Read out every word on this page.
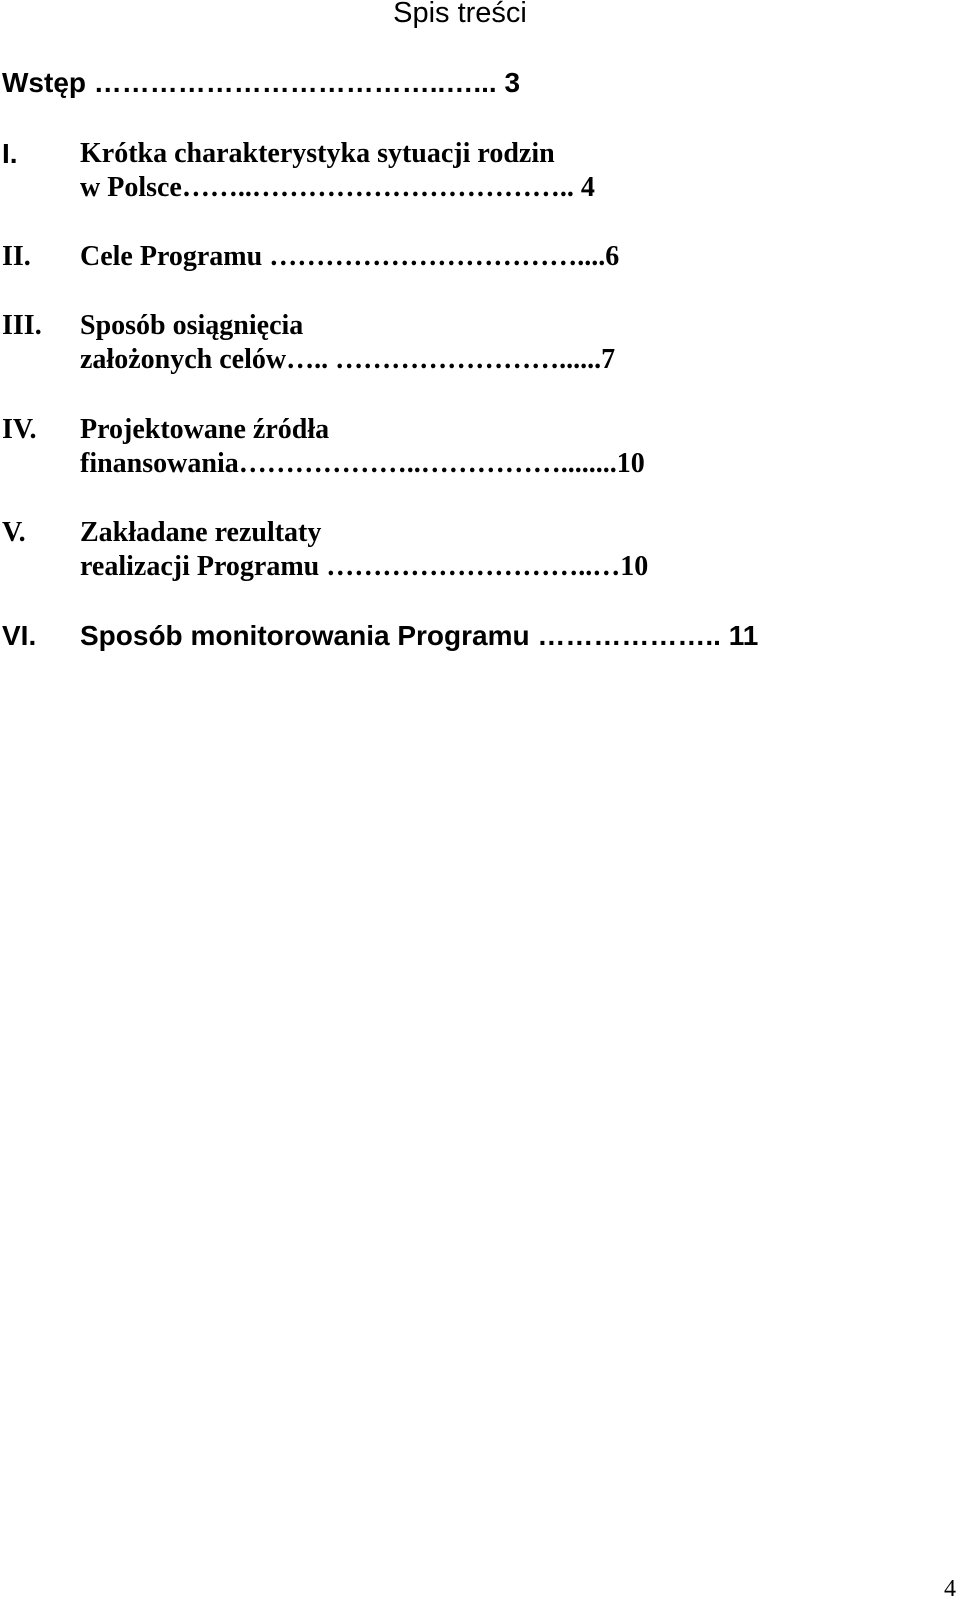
Spis treści
Wstęp ………………………………..…... 3
I. Krótka charakterystyka sytuacji rodzin
w Polsce……..…………………………….. 4
II. Cele Programu ……………………………....6
III. Sposób osiągnięcia
założonych celów….. ……………………......7
IV. Projektowane źródła
finansowania………………..……………........10
V. Zakładane rezultaty
realizacji Programu ………………………..…10
VI. Sposób monitorowania Programu ……………….. 11
4
